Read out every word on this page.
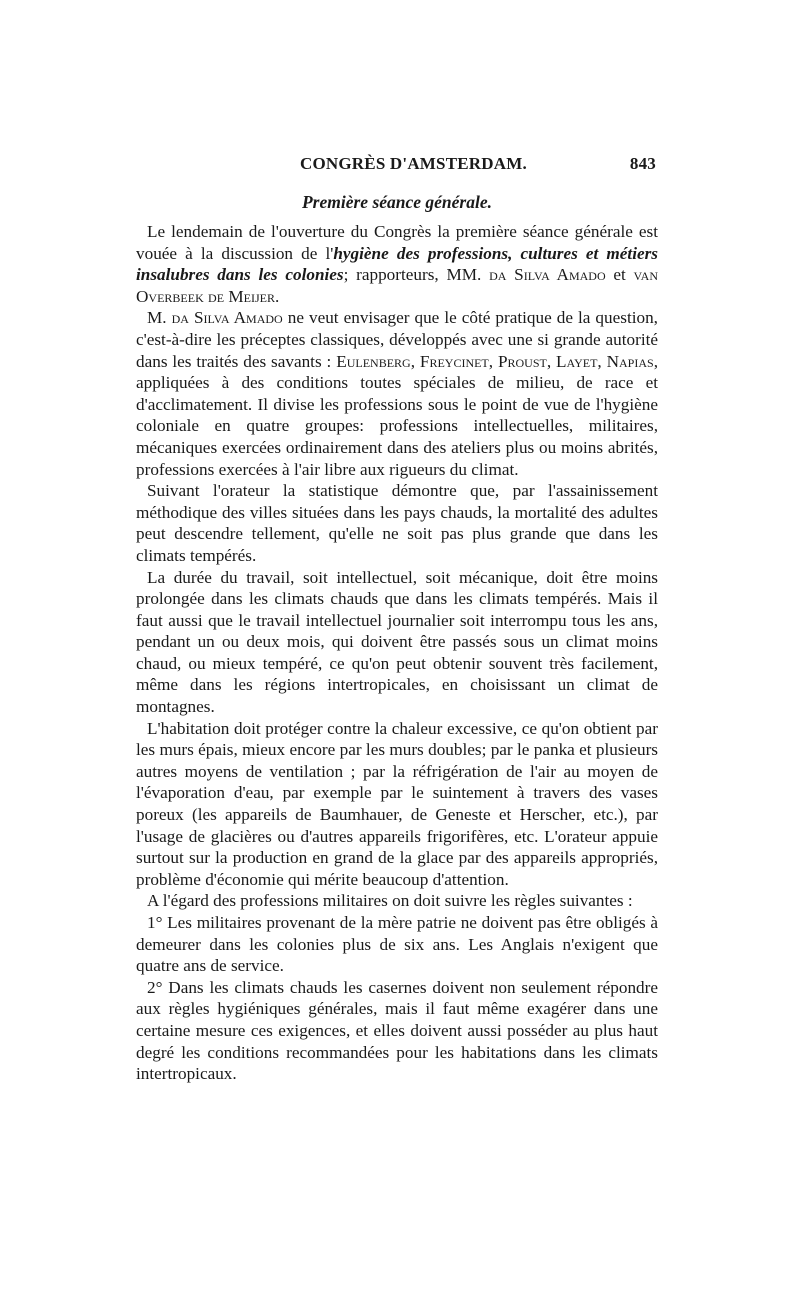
CONGRÈS D'AMSTERDAM.	843
Première séance générale.

Le lendemain de l'ouverture du Congrès la première séance générale est vouée à la discussion de l'hygiène des professions, cultures et métiers insalubres dans les colonies; rapporteurs, MM. da Silva Amado et van Overbeek de Meijer.

M. da Silva Amado ne veut envisager que le côté pratique de la question, c'est-à-dire les préceptes classiques, développés avec une si grande autorité dans les traités des savants : Eulenberg, Freycinet, Proust, Layet, Napias, appliquées à des conditions toutes spéciales de milieu, de race et d'acclimatement. Il divise les professions sous le point de vue de l'hygiène coloniale en quatre groupes: professions intellectuelles, militaires, mécaniques exercées ordinairement dans des ateliers plus ou moins abrités, professions exercées à l'air libre aux rigueurs du climat.

Suivant l'orateur la statistique démontre que, par l'assainissement méthodique des villes situées dans les pays chauds, la mortalité des adultes peut descendre tellement, qu'elle ne soit pas plus grande que dans les climats tempérés.

La durée du travail, soit intellectuel, soit mécanique, doit être moins prolongée dans les climats chauds que dans les climats tempérés. Mais il faut aussi que le travail intellectuel journalier soit interrompu tous les ans, pendant un ou deux mois, qui doivent être passés sous un climat moins chaud, ou mieux tempéré, ce qu'on peut obtenir souvent très facilement, même dans les régions intertropicales, en choisissant un climat de montagnes.

L'habitation doit protéger contre la chaleur excessive, ce qu'on obtient par les murs épais, mieux encore par les murs doubles; par le panka et plusieurs autres moyens de ventilation ; par la réfrigération de l'air au moyen de l'évaporation d'eau, par exemple par le suintement à travers des vases poreux (les appareils de Baumhauer, de Geneste et Herscher, etc.), par l'usage de glacières ou d'autres appareils frigorifères, etc. L'orateur appuie surtout sur la production en grand de la glace par des appareils appropriés, problème d'économie qui mérite beaucoup d'attention.

A l'égard des professions militaires on doit suivre les règles suivantes :

1° Les militaires provenant de la mère patrie ne doivent pas être obligés à demeurer dans les colonies plus de six ans. Les Anglais n'exigent que quatre ans de service.

2° Dans les climats chauds les casernes doivent non seulement répondre aux règles hygiéniques générales, mais il faut même exagérer dans une certaine mesure ces exigences, et elles doivent aussi posséder au plus haut degré les conditions recommandées pour les habitations dans les climats intertropicaux.
